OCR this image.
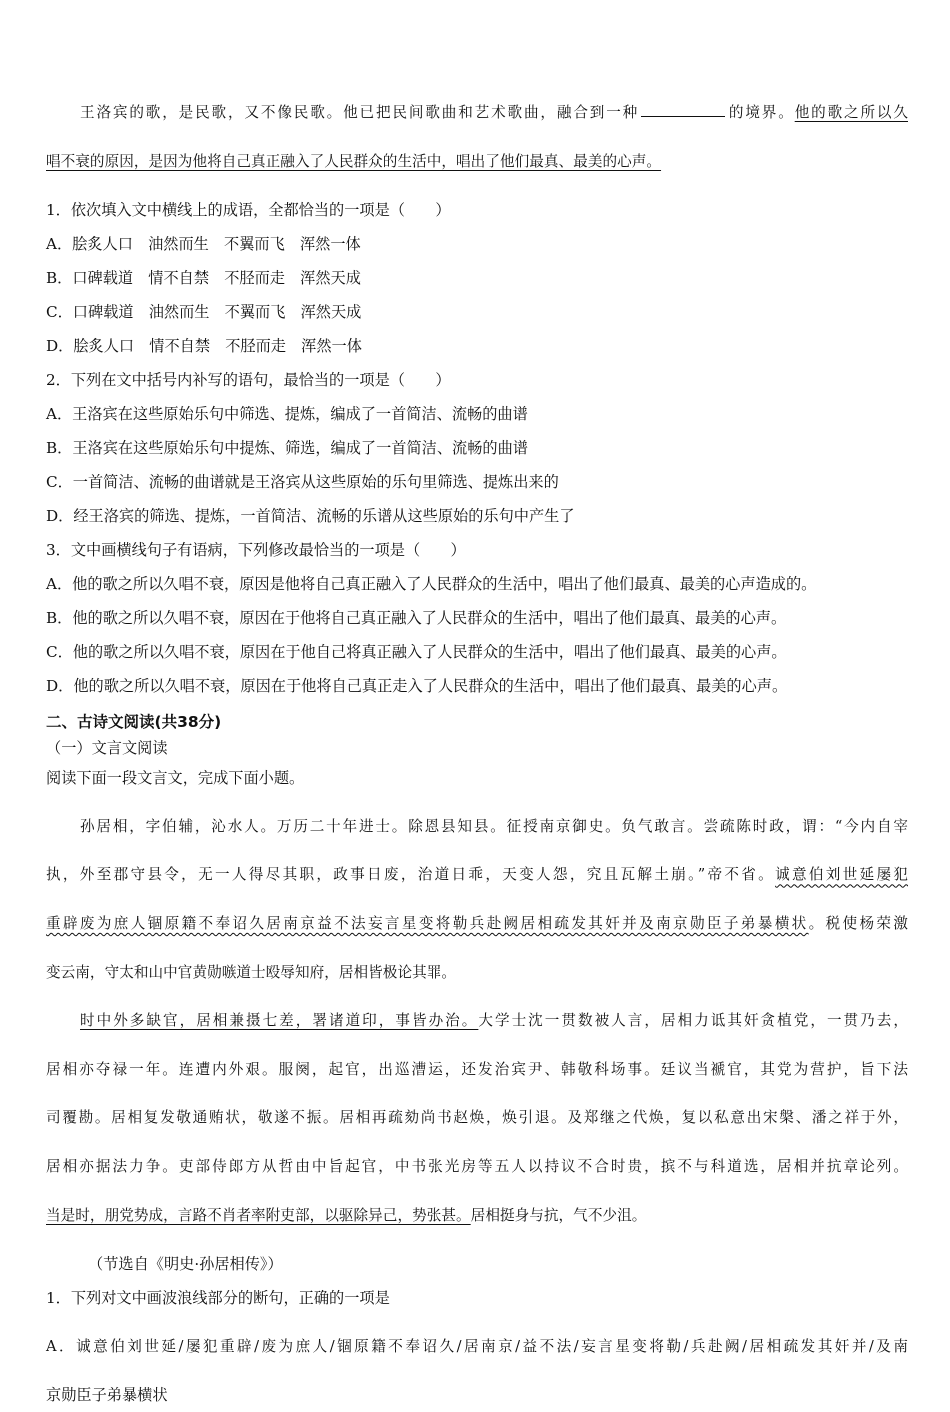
王洛宾的歌，是民歌，又不像民歌。他已把民间歌曲和艺术歌曲，融合到一种	的境界。他的歌之所以久

唱不衰的原因，是因为他将自己真正融入了人民群众的生活中，唱出了他们最真、最美的心声。

1．依次填入文中横线上的成语，全都恰当的一项是（　　）

A．脍炙人口　油然而生　不翼而飞　浑然一体

B．口碑载道　情不自禁　不胫而走　浑然天成

C．口碑载道　油然而生　不翼而飞　浑然天成

D．脍炙人口　情不自禁　不胫而走　浑然一体

2．下列在文中括号内补写的语句，最恰当的一项是（　　）

A．王洛宾在这些原始乐句中筛选、提炼，编成了一首简洁、流畅的曲谱

B．王洛宾在这些原始乐句中提炼、筛选，编成了一首简洁、流畅的曲谱

C．一首简洁、流畅的曲谱就是王洛宾从这些原始的乐句里筛选、提炼出来的

D．经王洛宾的筛选、提炼，一首简洁、流畅的乐谱从这些原始的乐句中产生了

3．文中画横线句子有语病，下列修改最恰当的一项是（　　）

A．他的歌之所以久唱不衰，原因是他将自己真正融入了人民群众的生活中，唱出了他们最真、最美的心声造成的。

B．他的歌之所以久唱不衰，原因在于他将自己真正融入了人民群众的生活中，唱出了他们最真、最美的心声。

C．他的歌之所以久唱不衰，原因在于他自己将真正融入了人民群众的生活中，唱出了他们最真、最美的心声。

D．他的歌之所以久唱不衰，原因在于他将自己真正走入了人民群众的生活中，唱出了他们最真、最美的心声。

二、古诗文阅读(共38分)

（一）文言文阅读

阅读下面一段文言文，完成下面小题。

孙居相，字伯辅，沁水人。万历二十年进士。除恩县知县。征授南京御史。负气敢言。尝疏陈时政，谓：“今内自宰

执，外至郡守县令，无一人得尽其职，政事日废，治道日乖，天变人怨，究且瓦解土崩。”帝不省。诚意伯刘世延屡犯

重辟废为庶人锢原籍不奉诏久居南京益不法妄言星变将勒兵赴阙居相疏发其奸并及南京勋臣子弟暴横状。税使杨荣激

变云南，守太和山中官黄勋嗾道士殴辱知府，居相皆极论其罪。

时中外多缺官，居相兼摄七差，署诸道印，事皆办治。大学士沈一贯数被人言，居相力诋其奸贪植党，一贯乃去，

居相亦夺禄一年。连遭内外艰。服阕，起官，出巡漕运，还发治宾尹、韩敬科场事。廷议当褫官，其党为营护，旨下法

司覆勘。居相复发敬通贿状，敬遂不振。居相再疏劾尚书赵焕，焕引退。及郑继之代焕，复以私意出宋槃、潘之祥于外，

居相亦据法力争。吏部侍郎方从哲由中旨起官，中书张光房等五人以持议不合时贵，摈不与科道选，居相并抗章论列。

当是时，朋党势成，言路不肖者率附吏部，以驱除异己，势张甚。居相挺身与抗，气不少沮。

（节选自《明史·孙居相传》）

1．下列对文中画波浪线部分的断句，正确的一项是

A．诚意伯刘世延/屡犯重辟/废为庶人/锢原籍不奉诏久/居南京/益不法/妄言星变将勒/兵赴阙/居相疏发其奸并/及南

京勋臣子弟暴横状
